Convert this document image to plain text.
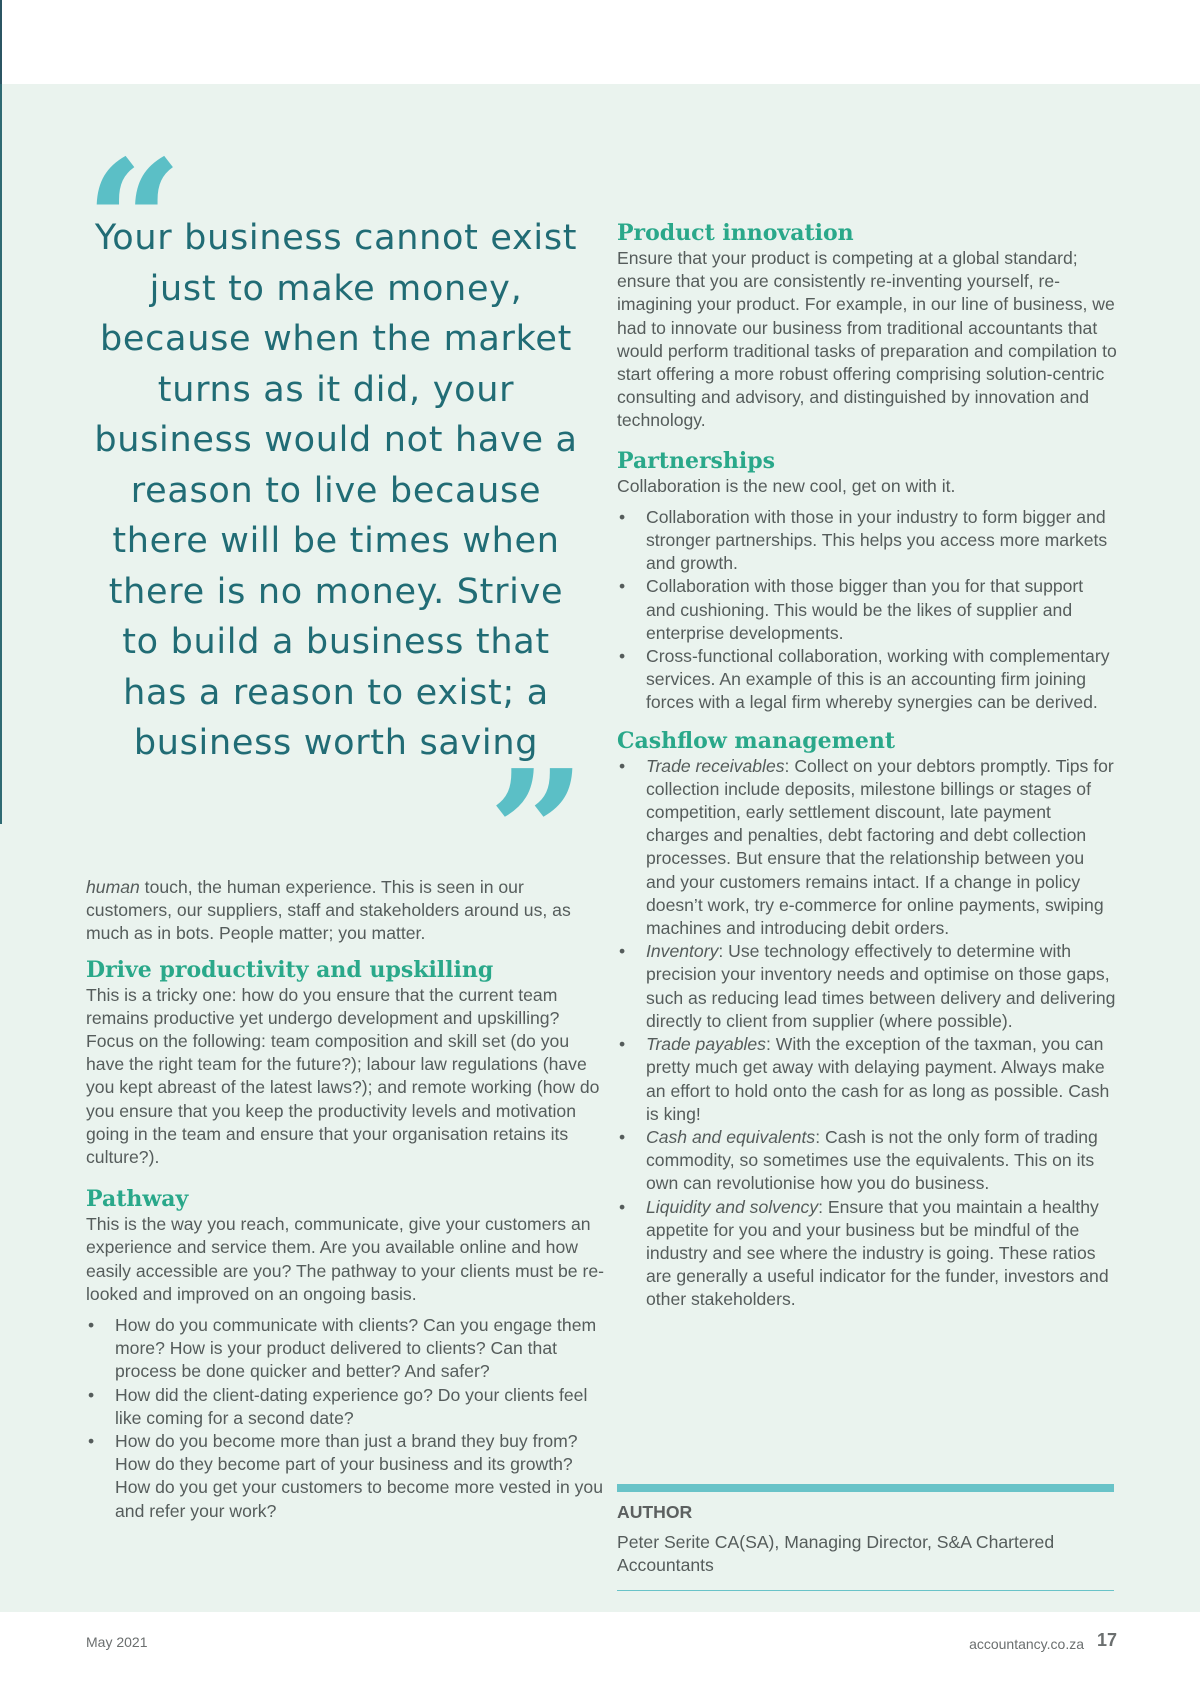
“

Your business cannot exist just to make money, because when the market turns as it did, your business would not have a reason to live because there will be times when there is no money. Strive to build a business that has a reason to exist; a business worth saving

”

human touch, the human experience. This is seen in our customers, our suppliers, staff and stakeholders around us, as much as in bots. People matter; you matter.

Drive productivity and upskilling

This is a tricky one: how do you ensure that the current team remains productive yet undergo development and upskilling? Focus on the following: team composition and skill set (do you have the right team for the future?); labour law regulations (have you kept abreast of the latest laws?); and remote working (how do you ensure that you keep the productivity levels and motivation going in the team and ensure that your organisation retains its culture?).

Pathway

This is the way you reach, communicate, give your customers an experience and service them. Are you available online and how easily accessible are you? The pathway to your clients must be re-looked and improved on an ongoing basis.

• How do you communicate with clients? Can you engage them more? How is your product delivered to clients? Can that process be done quicker and better? And safer?
• How did the client-dating experience go? Do your clients feel like coming for a second date?
• How do you become more than just a brand they buy from? How do they become part of your business and its growth? How do you get your customers to become more vested in you and refer your work?
Product innovation

Ensure that your product is competing at a global standard; ensure that you are consistently re-inventing yourself, re-imagining your product. For example, in our line of business, we had to innovate our business from traditional accountants that would perform traditional tasks of preparation and compilation to start offering a more robust offering comprising solution-centric consulting and advisory, and distinguished by innovation and technology.

Partnerships

Collaboration is the new cool, get on with it.

• Collaboration with those in your industry to form bigger and stronger partnerships. This helps you access more markets and growth.
• Collaboration with those bigger than you for that support and cushioning. This would be the likes of supplier and enterprise developments.
• Cross-functional collaboration, working with complementary services. An example of this is an accounting firm joining forces with a legal firm whereby synergies can be derived.
Cashflow management
• Trade receivables: Collect on your debtors promptly. Tips for collection include deposits, milestone billings or stages of competition, early settlement discount, late payment charges and penalties, debt factoring and debt collection processes. But ensure that the relationship between you and your customers remains intact. If a change in policy doesn’t work, try e-commerce for online payments, swiping machines and introducing debit orders.
• Inventory: Use technology effectively to determine with precision your inventory needs and optimise on those gaps, such as reducing lead times between delivery and delivering directly to client from supplier (where possible).
• Trade payables: With the exception of the taxman, you can pretty much get away with delaying payment. Always make an effort to hold onto the cash for as long as possible. Cash is king!
• Cash and equivalents: Cash is not the only form of trading commodity, so sometimes use the equivalents. This on its own can revolutionise how you do business.
• Liquidity and solvency: Ensure that you maintain a healthy appetite for you and your business but be mindful of the industry and see where the industry is going. These ratios are generally a useful indicator for the funder, investors and other stakeholders.
AUTHOR

Peter Serite CA(SA), Managing Director, S&A Chartered Accountants

May 2021	accountancy.co.za 17
